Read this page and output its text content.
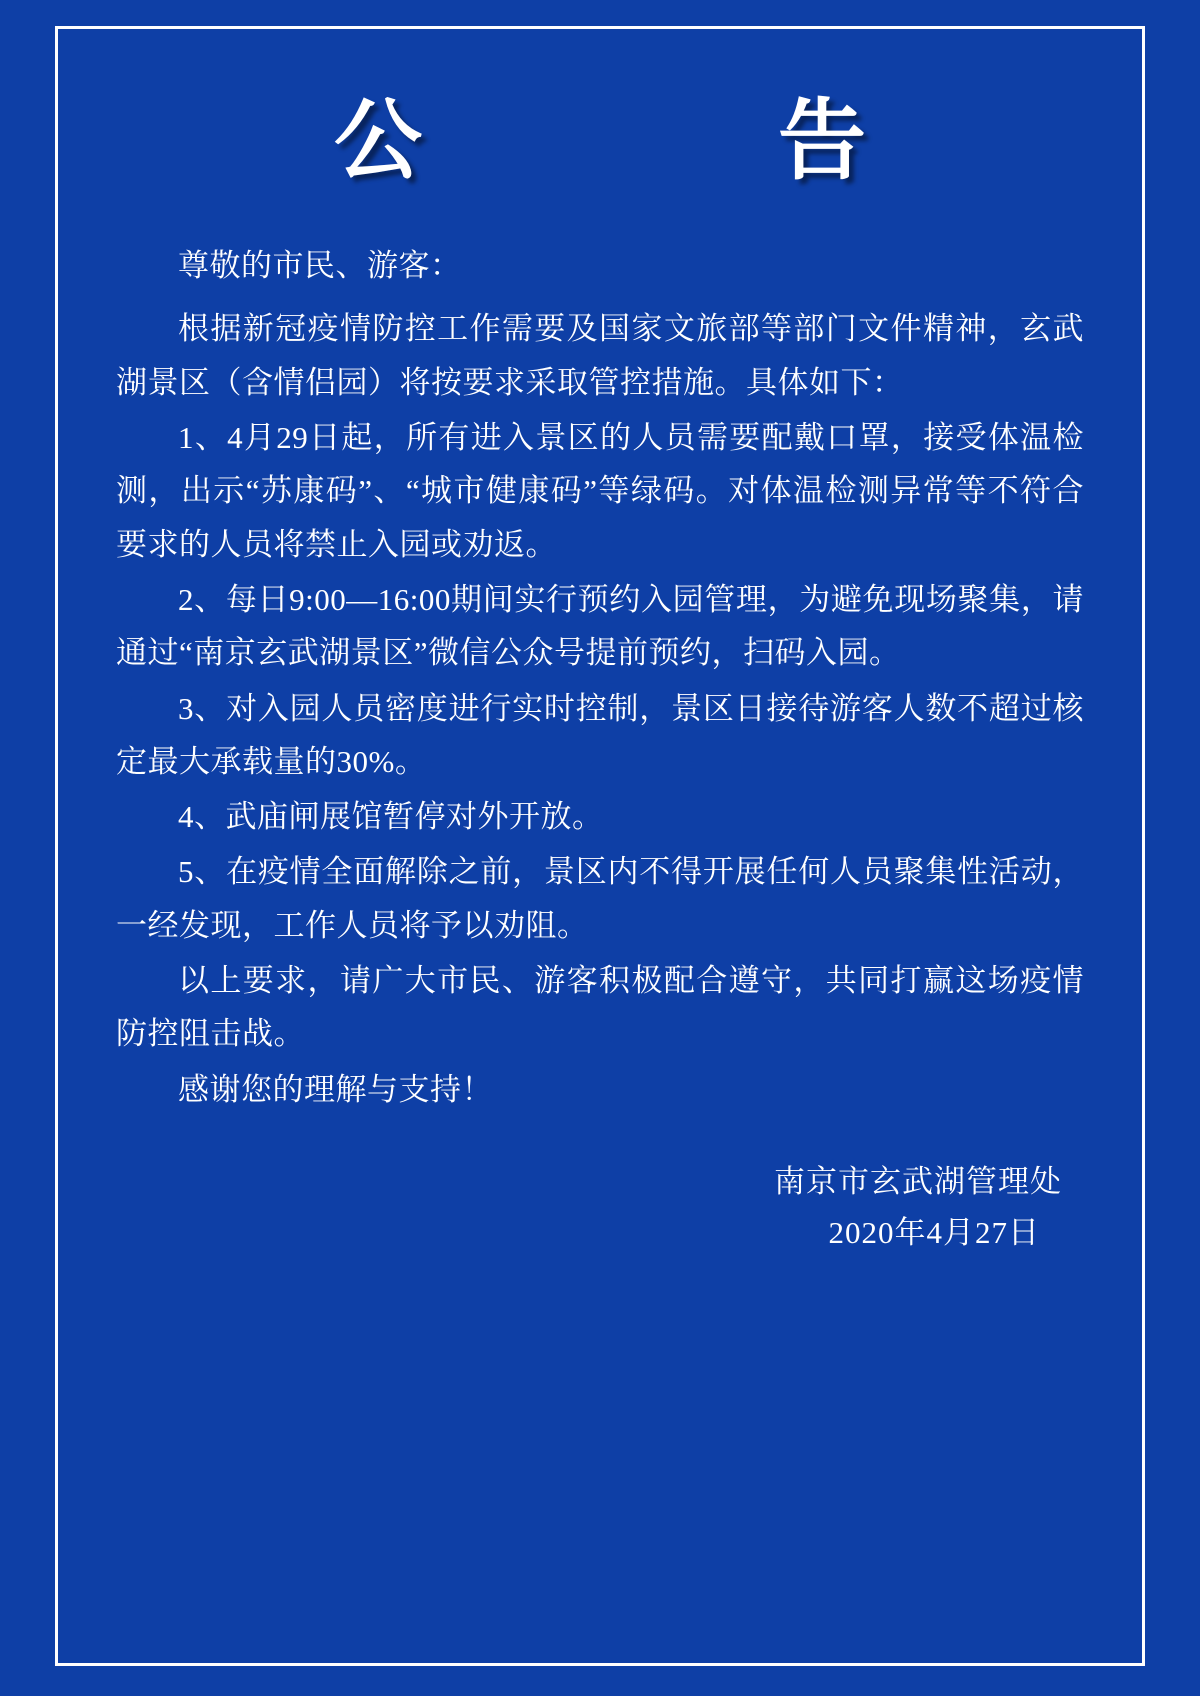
公　　告

尊敬的市民、游客：

根据新冠疫情防控工作需要及国家文旅部等部门文件精神，玄武湖景区（含情侣园）将按要求采取管控措施。具体如下：

1、4月29日起，所有进入景区的人员需要配戴口罩，接受体温检测，出示“苏康码”、“城市健康码”等绿码。对体温检测异常等不符合要求的人员将禁止入园或劝返。

2、每日9:00—16:00期间实行预约入园管理，为避免现场聚集，请通过“南京玄武湖景区”微信公众号提前预约，扫码入园。

3、对入园人员密度进行实时控制，景区日接待游客人数不超过核定最大承载量的30%。

4、武庙闸展馆暂停对外开放。

5、在疫情全面解除之前，景区内不得开展任何人员聚集性活动，一经发现，工作人员将予以劝阻。

以上要求，请广大市民、游客积极配合遵守，共同打赢这场疫情防控阻击战。

感谢您的理解与支持！

南京市玄武湖管理处
2020年4月27日
